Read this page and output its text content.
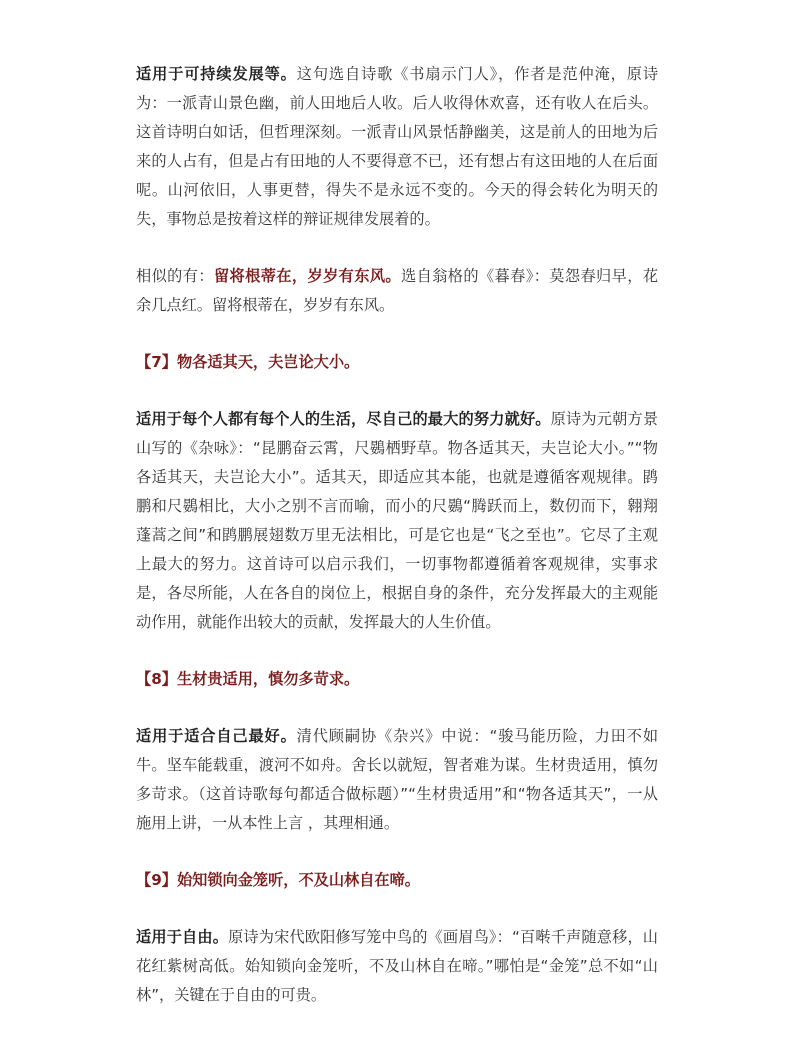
适用于可持续发展等。这句选自诗歌《书扇示门人》，作者是范仲淹，原诗为：一派青山景色幽，前人田地后人收。后人收得休欢喜，还有收人在后头。这首诗明白如话，但哲理深刻。一派青山风景恬静幽美，这是前人的田地为后来的人占有，但是占有田地的人不要得意不已，还有想占有这田地的人在后面呢。山河依旧，人事更替，得失不是永远不变的。今天的得会转化为明天的失，事物总是按着这样的辩证规律发展着的。

相似的有：留将根蒂在，岁岁有东风。选自翁格的《暮春》：莫怨春归早，花余几点红。留将根蒂在，岁岁有东风。

【7】物各适其天，夫岂论大小。

适用于每个人都有每个人的生活，尽自己的最大的努力就好。原诗为元朝方景山写的《杂咏》：“昆鹏奋云霄，尺鷃栖野草。物各适其天，夫岂论大小。”“物各适其天，夫岂论大小”。适其天，即适应其本能，也就是遵循客观规律。鹍鹏和尺鷃相比，大小之别不言而喻，而小的尺鷃“腾跃而上，数仞而下，翱翔蓬蒿之间”和鹍鹏展翅数万里无法相比，可是它也是“飞之至也”。它尽了主观上最大的努力。这首诗可以启示我们，一切事物都遵循着客观规律，实事求是，各尽所能，人在各自的岗位上，根据自身的条件，充分发挥最大的主观能动作用，就能作出较大的贡献，发挥最大的人生价值。

【8】生材贵适用，慎勿多苛求。

适用于适合自己最好。清代顾嗣协《杂兴》中说：“骏马能历险，力田不如牛。坚车能载重，渡河不如舟。舍长以就短，智者难为谋。生材贵适用，慎勿多苛求。（这首诗歌每句都适合做标题）”“生材贵适用”和“物各适其天”，一从施用上讲，一从本性上言 ，其理相通。

【9】始知锁向金笼听，不及山林自在啼。

适用于自由。原诗为宋代欧阳修写笼中鸟的《画眉鸟》：“百啭千声随意移，山花红紫树高低。始知锁向金笼听，不及山林自在啼。”哪怕是“金笼”总不如“山林”，关键在于自由的可贵。
